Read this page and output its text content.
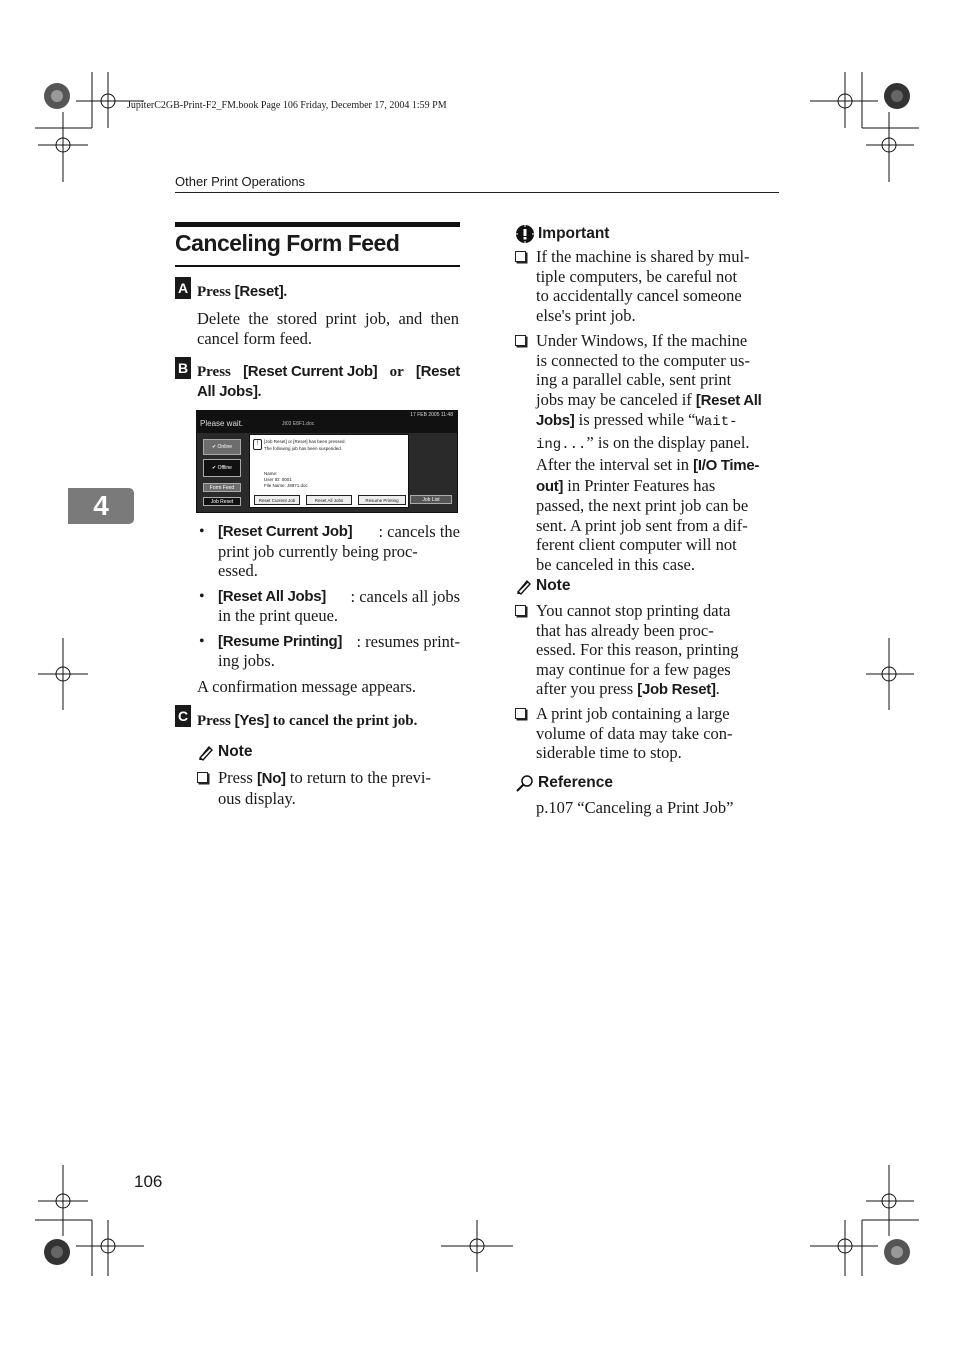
JupiterC2GB-Print-F2_FM.book Page 106 Friday, December 17, 2004 1:59 PM
Other Print Operations
4
Canceling Form Feed
A Press [Reset].
Delete the stored print job, and then cancel form feed.
B Press [Reset Current Job] or [Reset
All Jobs].
Please wait.	Jt03 E8F1.doc
17 FEB 2005 11:48
✔ Online
✔ Offline
Form Feed
Job Reset
!	[Job Reset] or [Reset] has been pressed.
The following job has been suspended.
Name:
User ID: 0001
File Name: J8871.doc
Reset Current Job	Reset All Jobs	Resume Printing	Job List
• [Reset Current Job] : cancels the
print job currently being proc-
essed.
• [Reset All Jobs] : cancels all jobs
in the print queue.
• [Resume Printing] : resumes print-
ing jobs.
A confirmation message appears.
C Press [Yes] to cancel the print job.
Note
Press [No] to return to the previ-
ous display.
Important
If the machine is shared by mul-
tiple computers, be careful not
to accidentally cancel someone
else's print job.
Under Windows, If the machine
is connected to the computer us-
ing a parallel cable, sent print
jobs may be canceled if [Reset All
Jobs] is pressed while “Wait-
ing...” is on the display panel.
After the interval set in [I/O Time-
out] in Printer Features has
passed, the next print job can be
sent. A print job sent from a dif-
ferent client computer will not
be canceled in this case.
Note
You cannot stop printing data
that has already been proc-
essed. For this reason, printing
may continue for a few pages
after you press [Job Reset].
A print job containing a large
volume of data may take con-
siderable time to stop.
Reference
p.107 “Canceling a Print Job”
106
